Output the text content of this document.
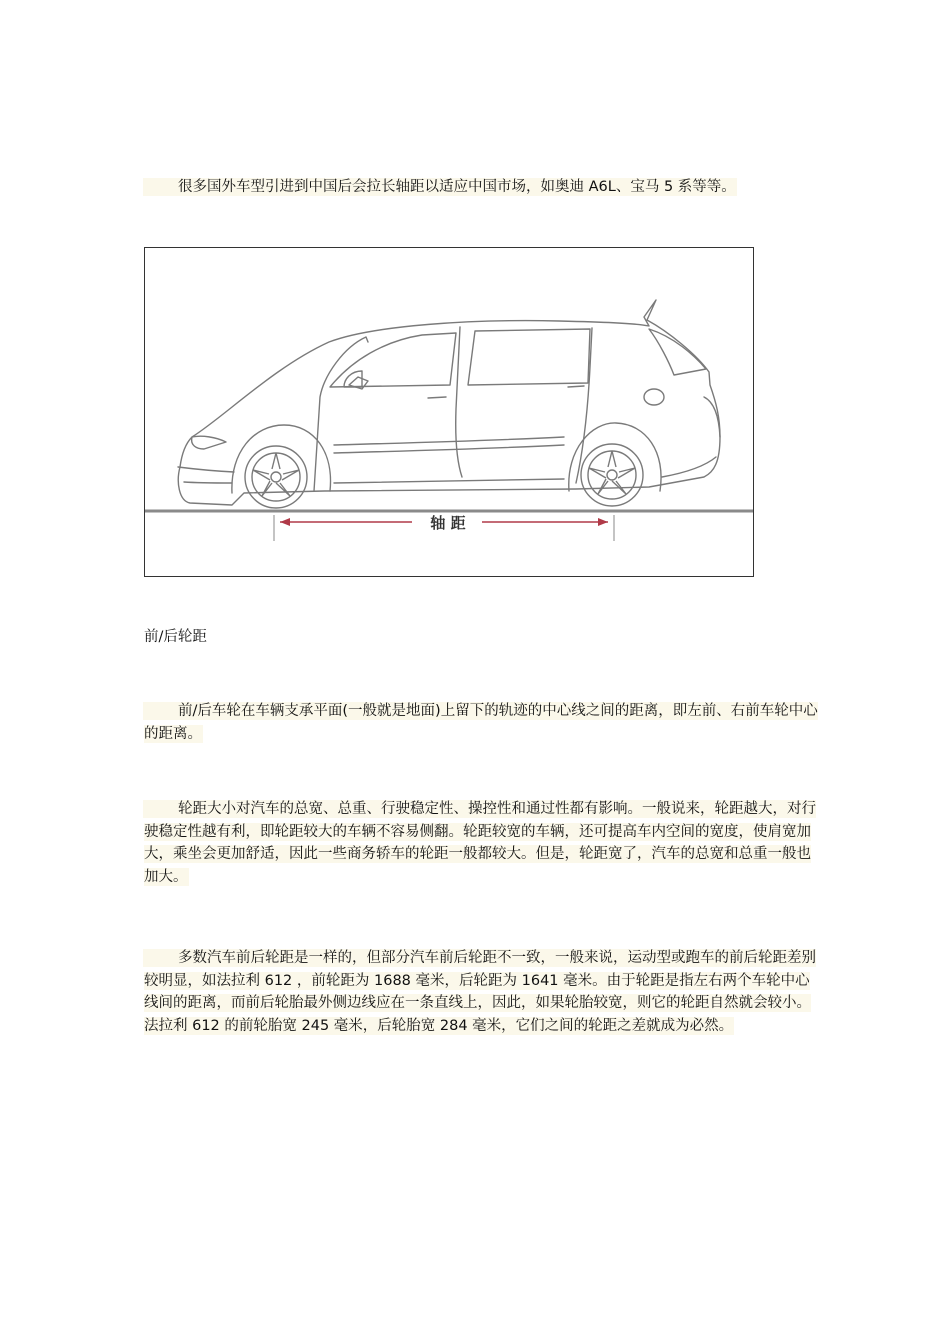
很多国外车型引进到中国后会拉长轴距以适应中国市场，如奥迪 A6L、宝马 5 系等等。

轴 距
前/后轮距

前/后车轮在车辆支承平面(一般就是地面)上留下的轨迹的中心线之间的距离，即左前、右前车轮中心的距离。

轮距大小对汽车的总宽、总重、行驶稳定性、操控性和通过性都有影响。一般说来，轮距越大，对行驶稳定性越有利，即轮距较大的车辆不容易侧翻。轮距较宽的车辆，还可提高车内空间的宽度，使肩宽加大，乘坐会更加舒适，因此一些商务轿车的轮距一般都较大。但是，轮距宽了，汽车的总宽和总重一般也加大。

多数汽车前后轮距是一样的，但部分汽车前后轮距不一致，一般来说，运动型或跑车的前后轮距差别较明显，如法拉利 612 ，前轮距为 1688 毫米，后轮距为 1641 毫米。由于轮距是指左右两个车轮中心线间的距离，而前后轮胎最外侧边线应在一条直线上，因此，如果轮胎较宽，则它的轮距自然就会较小。法拉利 612 的前轮胎宽 245 毫米，后轮胎宽 284 毫米，它们之间的轮距之差就成为必然。
